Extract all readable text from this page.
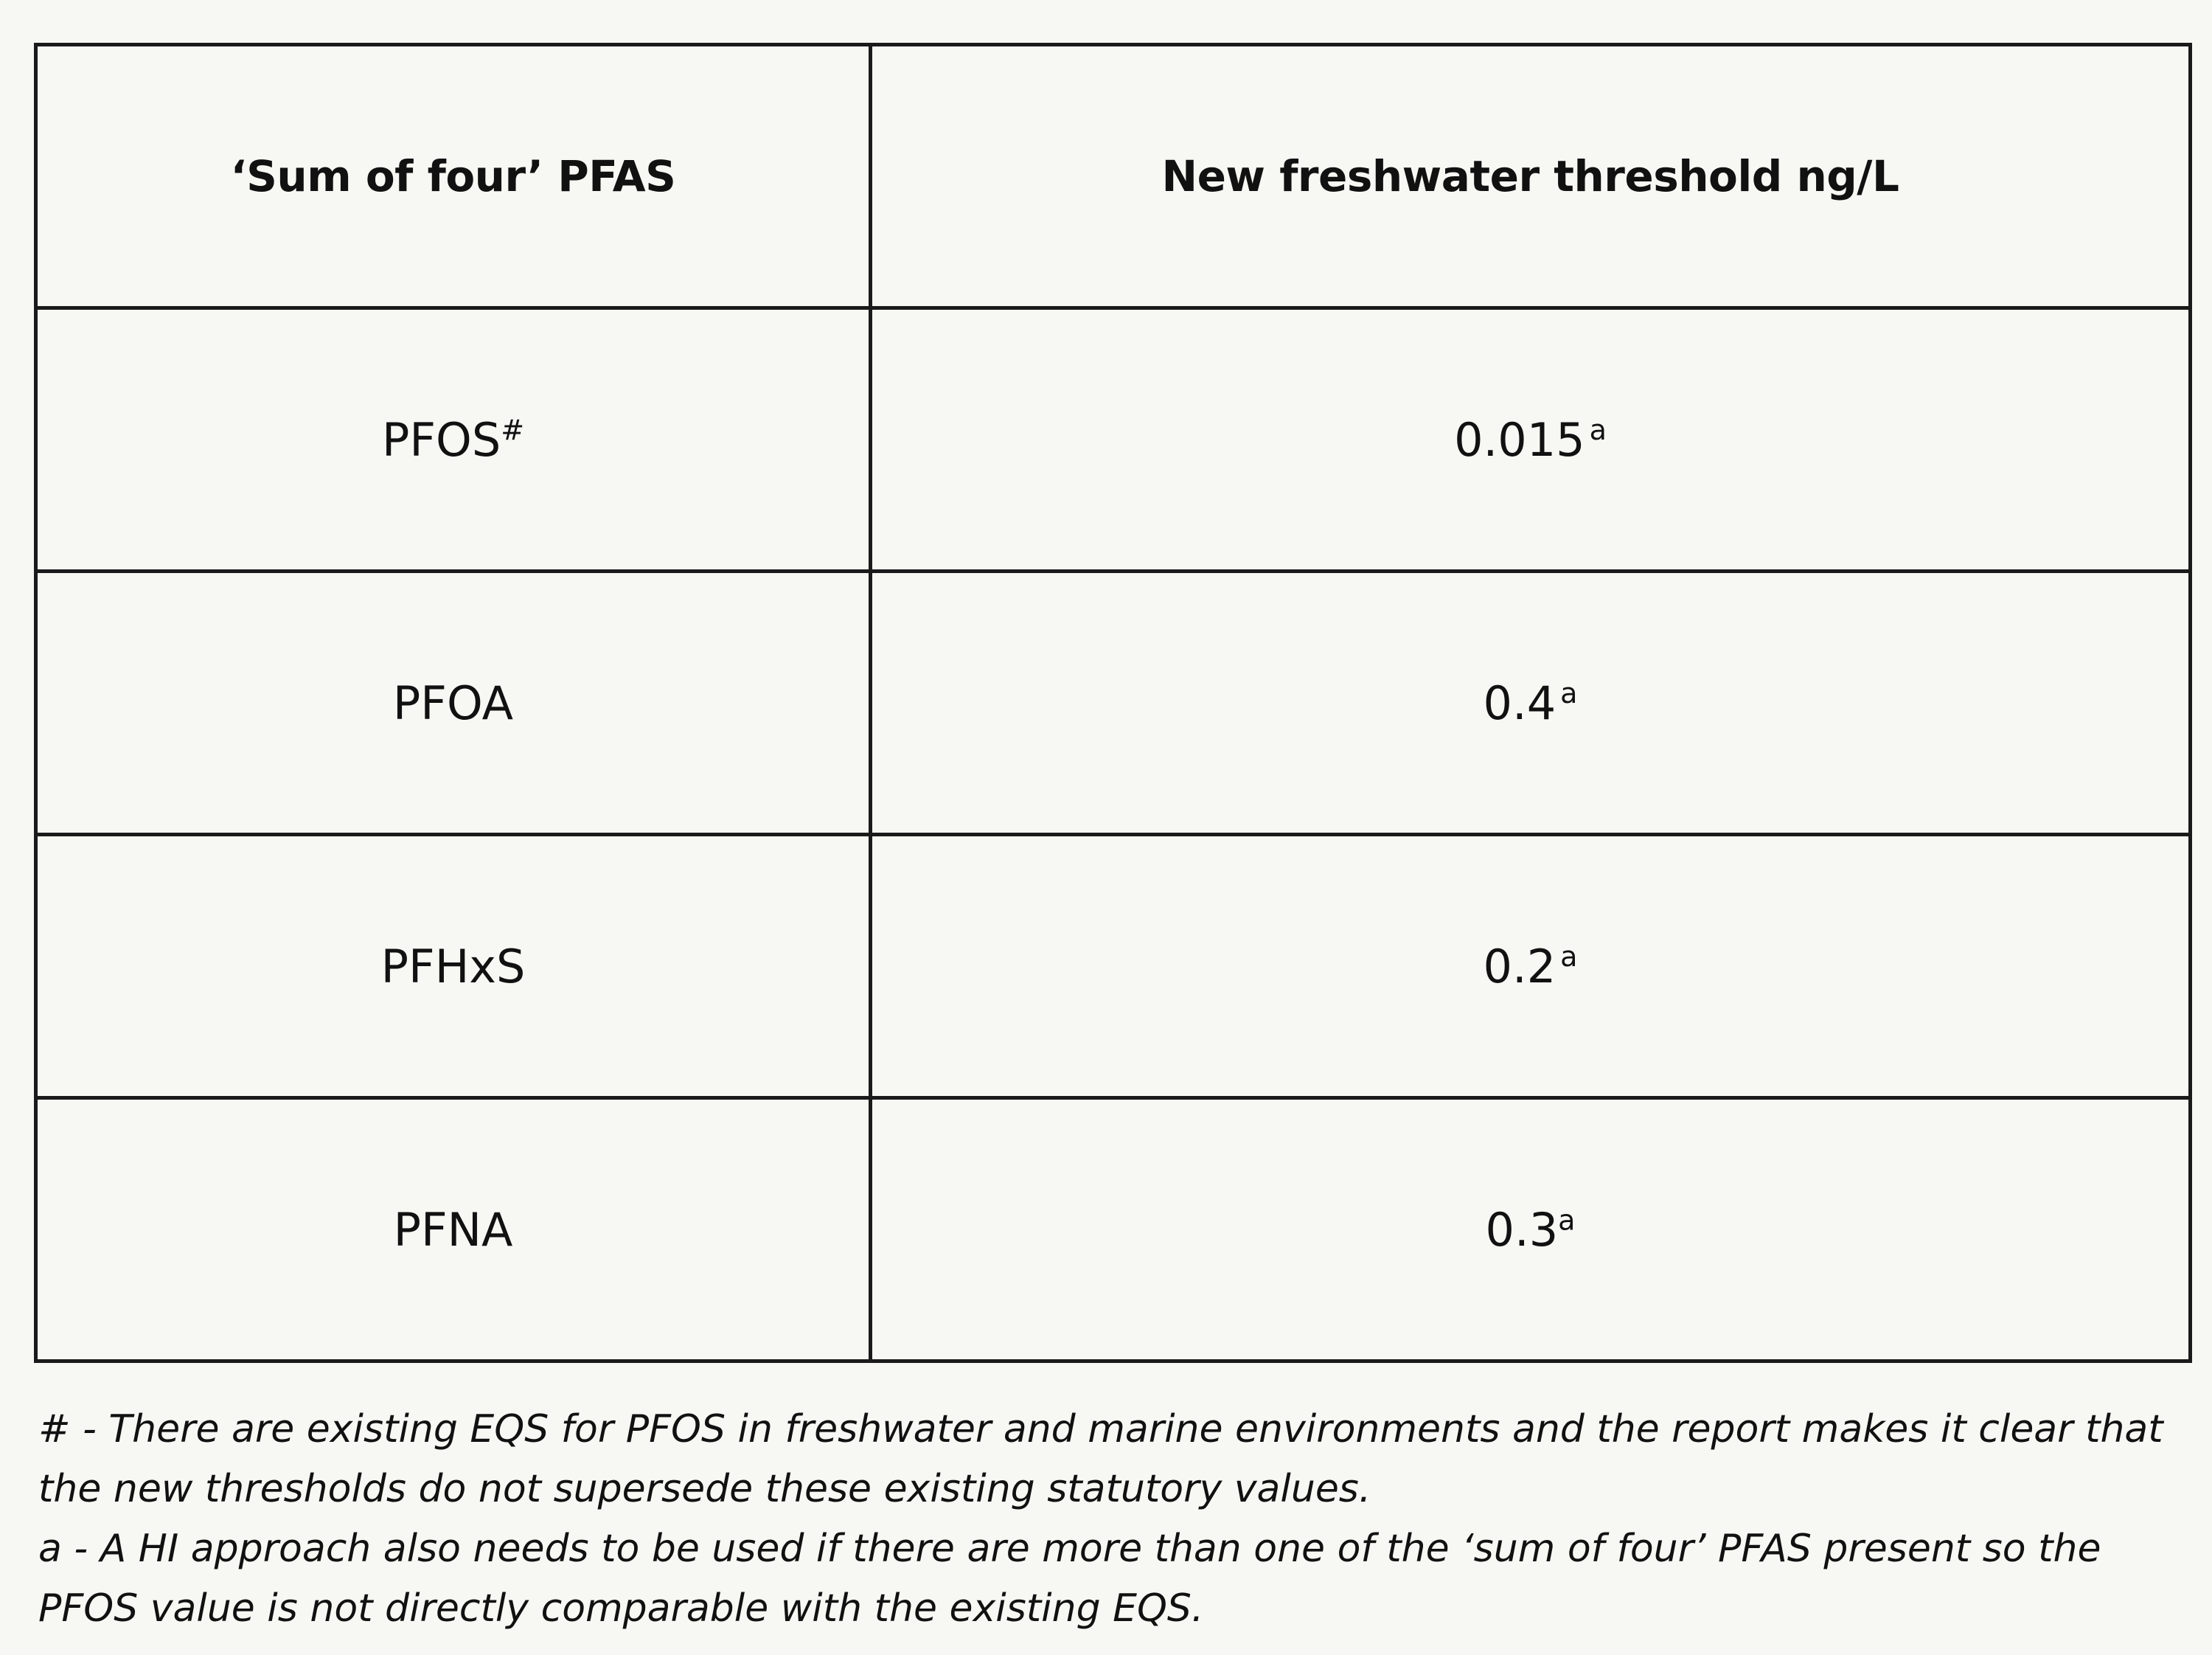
‘Sum of four’ PFAS	New freshwater threshold ng/L
PFOS#	0.015 $^a$
PFOA	0.4 $^a$
PFHxS	0.2 $^a$
PFNA	0.3$^a$

# - There are existing EQS for PFOS in freshwater and marine environments and the report makes it clear that the new thresholds do not supersede these existing statutory values.

a - A HI approach also needs to be used if there are more than one of the ‘sum of four’ PFAS present so the PFOS value is not directly comparable with the existing EQS.
